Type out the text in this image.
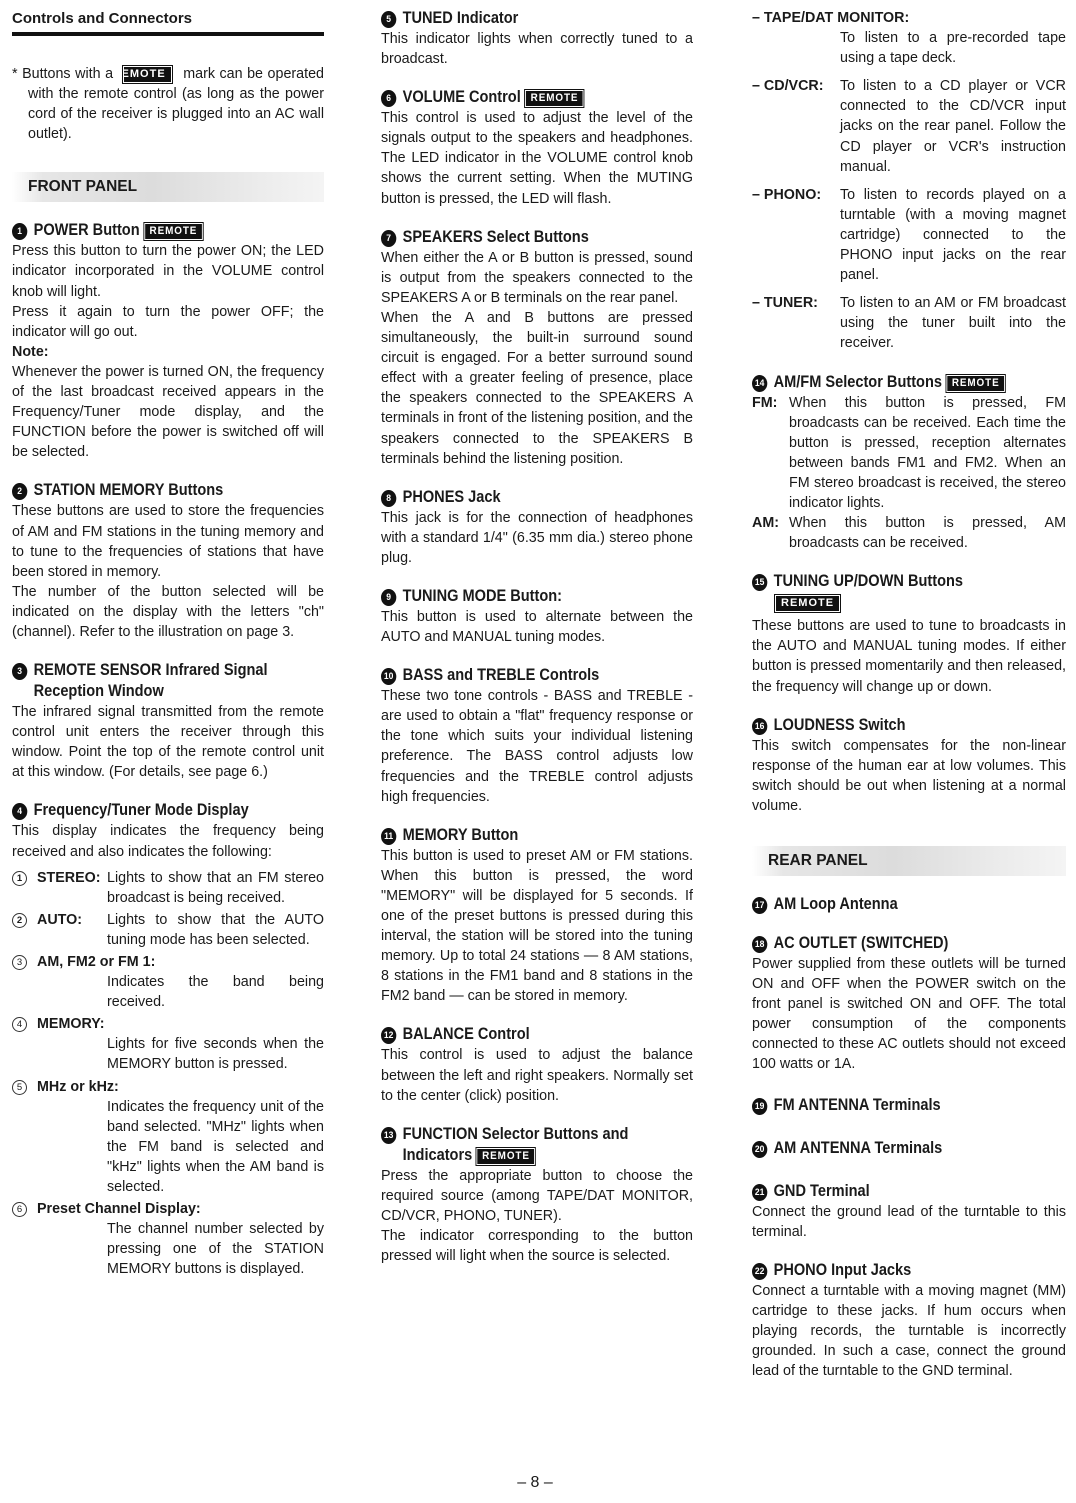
Controls and Connectors
* Buttons with a REMOTE mark can be operated with the remote control (as long as the power cord of the receiver is plugged into an AC wall outlet).
FRONT PANEL
1 POWER Button REMOTE

Press this button to turn the power ON; the LED indicator incorporated in the VOLUME control knob will light.

Press it again to turn the power OFF; the indicator will go out.

Note:

Whenever the power is turned ON, the frequency of the last broadcast received appears in the Frequency/Tuner mode display, and the FUNCTION before the power is switched off will be selected.

2 STATION MEMORY Buttons

These buttons are used to store the frequencies of AM and FM stations in the tuning memory and to tune to the frequencies of stations that have been stored in memory.

The number of the button selected will be indicated on the display with the letters "ch" (channel). Refer to the illustration on page 3.

3 REMOTE SENSOR Infrared Signal
Reception Window

The infrared signal transmitted from the remote control unit enters the receiver through this window. Point the top of the remote control unit at this window. (For details, see page 6.)

4 Frequency/Tuner Mode Display

This display indicates the frequency being received and also indicates the following:

1 STEREO: Lights to show that an FM stereo broadcast is being received.
2 AUTO:	Lights to show that the AUTO tuning mode has been selected.
3 AM, FM2 or FM 1:

Indicates the band being received.

4 MEMORY:

Lights for five seconds when the MEMORY button is pressed.

5 MHz or kHz:

Indicates the frequency unit of the band selected. "MHz" lights when the FM band is selected and "kHz" lights when the AM band is selected.

6 Preset Channel Display:

The channel number selected by pressing one of the STATION MEMORY buttons is displayed.

5 TUNED Indicator

This indicator lights when correctly tuned to a broadcast.

6 VOLUME Control REMOTE

This control is used to adjust the level of the signals output to the speakers and headphones. The LED indicator in the VOLUME control knob shows the current setting. When the MUTING button is pressed, the LED will flash.

7 SPEAKERS Select Buttons

When either the A or B button is pressed, sound is output from the speakers connected to the SPEAKERS A or B terminals on the rear panel.

When the A and B buttons are pressed simultaneously, the built-in surround sound circuit is engaged. For a better surround sound effect with a greater feeling of presence, place the speakers connected to the SPEAKERS A terminals in front of the listening position, and the speakers connected to the SPEAKERS B terminals behind the listening position.

8 PHONES Jack

This jack is for the connection of headphones with a standard 1/4" (6.35 mm dia.) stereo phone plug.

9 TUNING MODE Button:

This button is used to alternate between the AUTO and MANUAL tuning modes.

10 BASS and TREBLE Controls

These two tone controls - BASS and TREBLE - are used to obtain a "flat" frequency response or the tone which suits your individual listening preference. The BASS control adjusts low frequencies and the TREBLE control adjusts high frequencies.

11 MEMORY Button

This button is used to preset AM or FM stations. When this button is pressed, the word "MEMORY" will be displayed for 5 seconds. If one of the preset buttons is pressed during this interval, the station will be stored into the tuning memory. Up to total 24 stations — 8 AM stations, 8 stations in the FM1 band and 8 stations in the FM2 band — can be stored in memory.

12 BALANCE Control

This control is used to adjust the balance between the left and right speakers. Normally set to the center (click) position.

13 FUNCTION Selector Buttons and
Indicators REMOTE

Press the appropriate button to choose the required source (among TAPE/DAT MONITOR, CD/VCR, PHONO, TUNER).

The indicator corresponding to the button pressed will light when the source is selected.

– TAPE/DAT MONITOR:

To listen to a pre-recorded tape using a tape deck.

– CD/VCR:	To listen to a CD player or VCR connected to the CD/VCR input jacks on the rear panel. Follow the CD player or VCR's instruction manual.
– PHONO:	To listen to records played on a turntable (with a moving magnet cartridge) connected to the PHONO input jacks on the rear panel.
– TUNER:	To listen to an AM or FM broadcast using the tuner built into the receiver.
14 AM/FM Selector Buttons REMOTE
FM: When this button is pressed, FM broadcasts can be received. Each time the button is pressed, reception alternates between bands FM1 and FM2. When an FM stereo broadcast is received, the stereo indicator lights.
AM: When this button is pressed, AM broadcasts can be received.
15 TUNING UP/DOWN Buttons
REMOTE

These buttons are used to tune to broadcasts in the AUTO and MANUAL tuning modes. If either button is pressed momentarily and then released, the frequency will change up or down.

16 LOUDNESS Switch

This switch compensates for the non-linear response of the human ear at low volumes. This switch should be out when listening at a normal volume.

REAR PANEL
17 AM Loop Antenna
18 AC OUTLET (SWITCHED)

Power supplied from these outlets will be turned ON and OFF when the POWER switch on the front panel is switched ON and OFF. The total power consumption of the components connected to these AC outlets should not exceed 100 watts or 1A.

19 FM ANTENNA Terminals
20 AM ANTENNA Terminals
21 GND Terminal

Connect the ground lead of the turntable to this terminal.

22 PHONO Input Jacks

Connect a turntable with a moving magnet (MM) cartridge to these jacks. If hum occurs when playing records, the turntable is incorrectly grounded. In such a case, connect the ground lead of the turntable to the GND terminal.

– 8 –
